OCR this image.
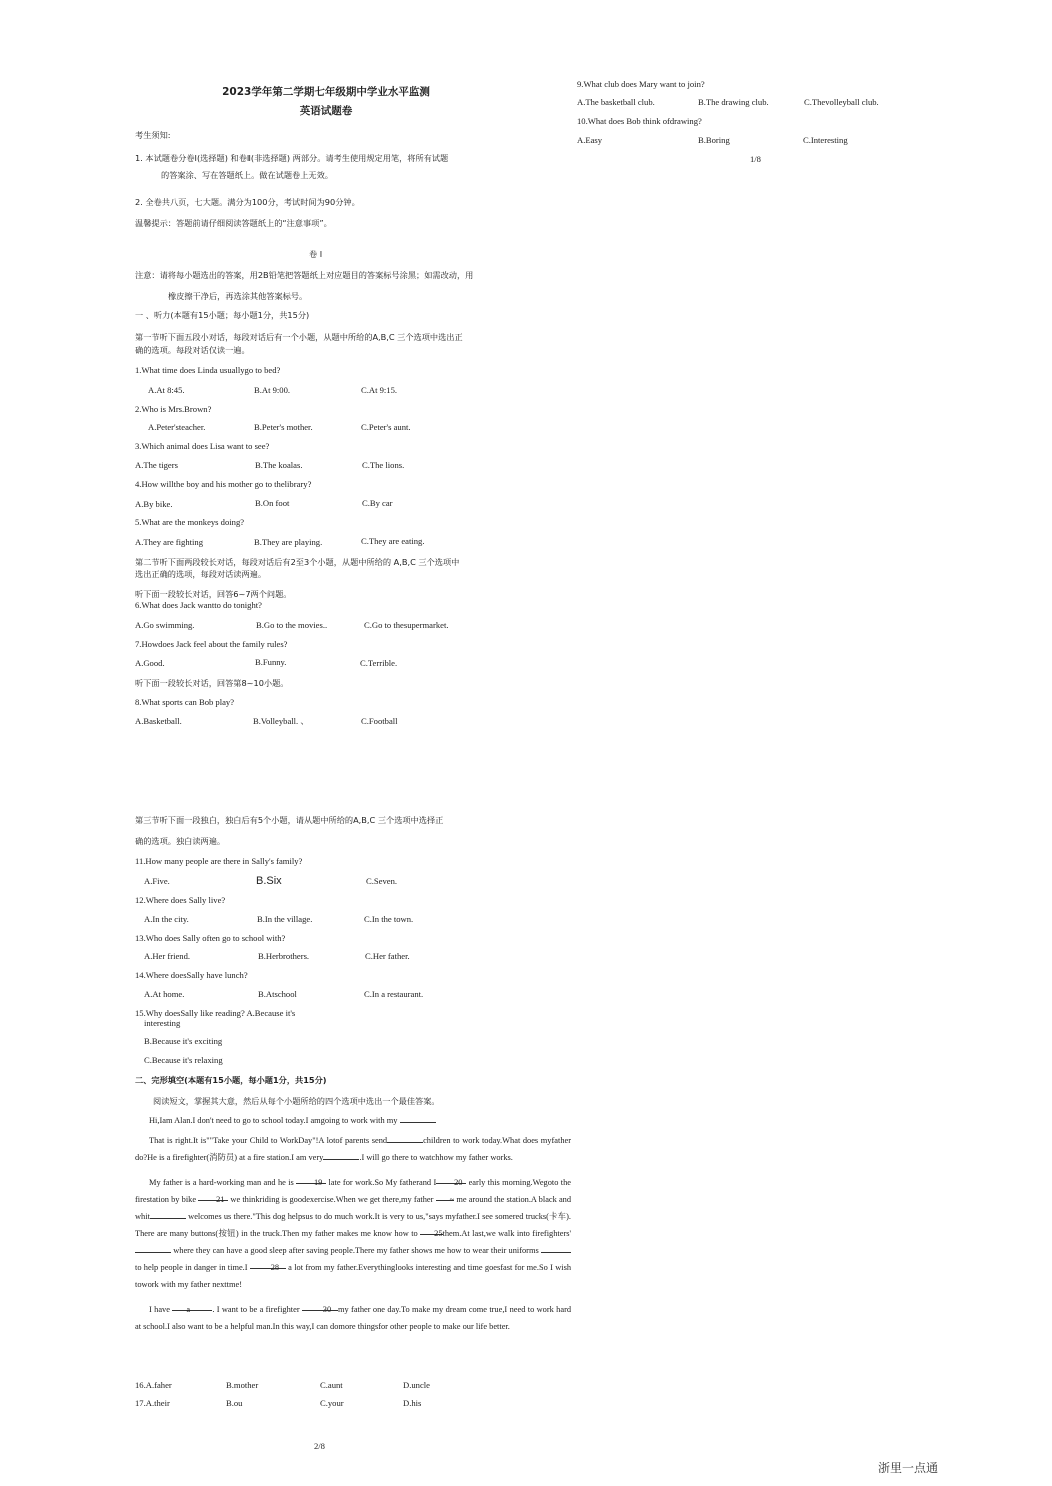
9.What club does Mary want to join?
A.The basketball club.	B.The drawing club.	C.Thevolleyball club.
10.What does Bob think ofdrawing?
A.Easy	B.Boring	C.Interesting
1/8
2023学年第二学期七年级期中学业水平监测
英语试题卷
考生须知:
1. 本试题卷分卷Ⅰ(选择题) 和卷Ⅱ(非选择题) 两部分。请考生使用规定用笔，将所有试题
的答案涂、写在答题纸上。做在试题卷上无效。
2. 全卷共八页，七大题。满分为100分，考试时间为90分钟。
温馨提示：答题前请仔细阅读答题纸上的“注意事项”。
卷 I
注意：请将每小题选出的答案，用2B铅笔把答题纸上对应题目的答案标号涂黑；如需改动，用
橡皮擦干净后，再选涂其他答案标号。
一 、听力(本题有15小题；每小题1分，共15分)
第一节听下面五段小对话，每段对话后有一个小题，从题中所给的A,B,C 三个选项中选出正
确的选项。每段对话仅读一遍。
1.What time does Linda usuallygo to bed?
A.At 8:45.	B.At 9:00.	C.At 9:15.
2.Who is Mrs.Brown?
A.Peter'steacher.	B.Peter's mother.	C.Peter's aunt.
3.Which animal does Lisa want to see?
A.The tigers	B.The koalas.	C.The lions.
4.How willthe boy and his mother go to thelibrary?
A.By bike.	B.On foot	C.By car
5.What are the monkeys doing?
A.They are fighting	B.They are playing.	C.They are eating.
第二节听下面两段较长对话，每段对话后有2至3个小题，从题中所给的 A,B,C 三个选项中
选出正确的选项，每段对话读两遍。
听下面一段较长对话，回答6~7两个问题。
6.What does Jack wantto do tonight?
A.Go swimming.	B.Go to the movies..	C.Go to thesupermarket.
7.Howdoes Jack feel about the family rules?
A.Good.	B.Funny.	C.Terrible.
听下面一段较长对话，回答第8~10小题。
8.What sports can Bob play?
A.Basketball.	B.Volleyball. 、	C.Football
第三节听下面一段独白，独白后有5个小题，请从题中所给的A,B,C 三个选项中选择正
确的选项。独白读两遍。
11.How many people are there in Sally's family?
A.Five.	B.Six	C.Seven.
12.Where does Sally live?
A.In the city.	B.In the village.	C.In the town.
13.Who does Sally often go to school with?
A.Her friend.	B.Herbrothers.	C.Her father.
14.Where doesSally have lunch?
A.At home.	B.Atschool	C.In a restaurant.
15.Why doesSally like reading? A.Because it's
interesting
B.Because it's exciting
C.Because it's relaxing
二、完形填空(本题有15小题，每小题1分，共15分)
阅读短文，掌握其大意，然后从每个小题所给的四个选项中选出一个最佳答案。

Hi,Iam Alan.I don't need to go to school today.I amgoing to work with my

That is right.It is""Take your Child to WorkDay"!A lotof parents send	children to work today.What does myfather do?He is a firefighter(消防员) at a fire station.I am very	.I will go there to watchhow my father works.

My father is a hard-working man and he is 19 late for work.So My fatherand I 20 early this morning.Wegoto the firestation by bike 21 we thinkriding is goodexercise.When we get there,my father ~ me around the station.A black and whit	welcomes us there."This dog helpsus to do much work.It is very to us,"says myfather.I see somered trucks(卡车). There are many buttons(按钮) in the truck.Then my father makes me know how to 25them.At last,we walk into firefighters' where they can have a good sleep after saving people.There my father shows me how to wear their uniforms  to help people in danger in time.I	28 a lot from my father.Everythinglooks interesting and time goesfast for me.So I wish towork with my father nexttme!

I have a	. I want to be a firefighter	30 my father one day.To make my dream come true,I need to work hard at school.I also want to be a helpful man.In this way,I can domore thingsfor other people to make our life better.

16.A.faher	B.mother	C.aunt	D.uncle
17.A.their	B.ou	C.your	D.his
2/8
浙里一点通
